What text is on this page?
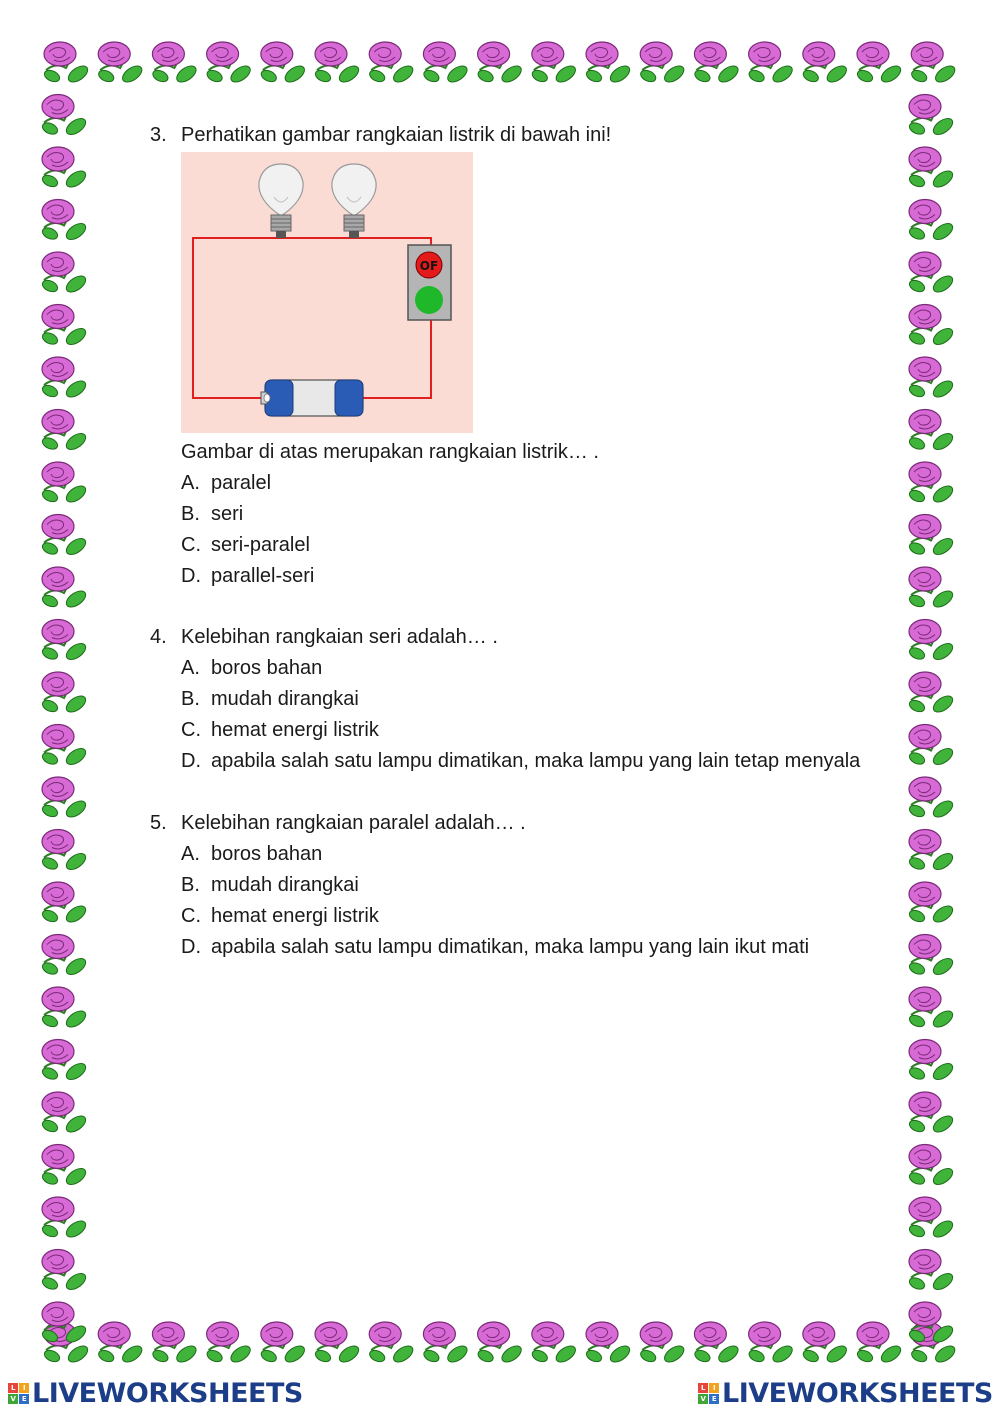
3. Perhatikan gambar rangkaian listrik di bawah ini!
OF
Gambar di atas merupakan rangkaian listrik… .
A. paralel
B. seri
C. seri-paralel
D. parallel-seri
4. Kelebihan rangkaian seri adalah… .
A. boros bahan
B. mudah dirangkai
C. hemat energi listrik
D. apabila salah satu lampu dimatikan, maka lampu yang lain tetap menyala
5. Kelebihan rangkaian paralel adalah… .
A. boros bahan
B. mudah dirangkai
C. hemat energi listrik
D. apabila salah satu lampu dimatikan, maka lampu yang lain ikut mati
L	I
V E LIVEWORKSHEETS	L	I
V E LIVEWORKSHEETS
